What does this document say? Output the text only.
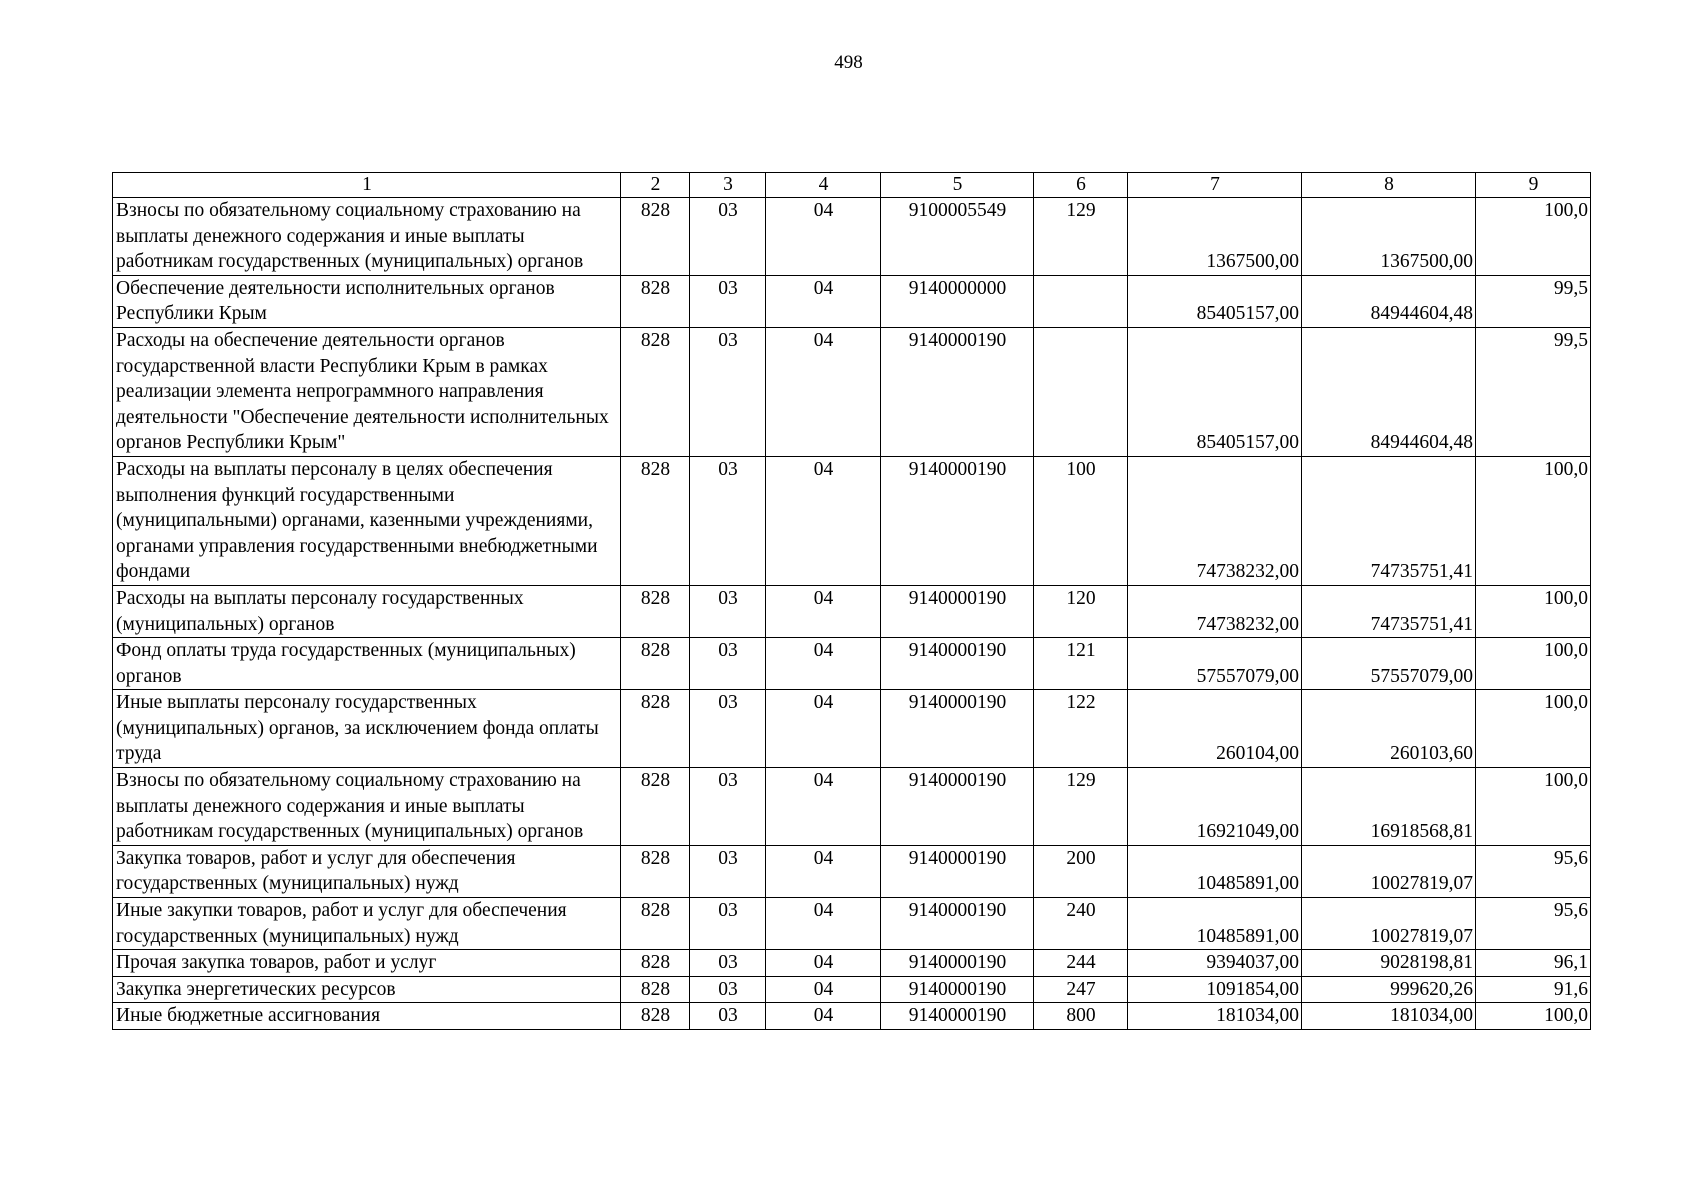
498
1	2	3	4	5	6	7	8	9
Взносы по обязательному социальному страхованию на выплаты денежного содержания и иные выплаты работникам государственных (муниципальных) органов	828	03	04	9100005549	129	1367500,00	1367500,00	100,0
Обеспечение деятельности исполнительных органов Республики Крым	828	03	04	9140000000		85405157,00	84944604,48	99,5
Расходы на обеспечение деятельности органов государственной власти Республики Крым в рамках реализации элемента непрограммного направления деятельности "Обеспечение деятельности исполнительных органов Республики Крым"	828	03	04	9140000190		85405157,00	84944604,48	99,5
Расходы на выплаты персоналу в целях обеспечения выполнения функций государственными (муниципальными) органами, казенными учреждениями, органами управления государственными внебюджетными фондами	828	03	04	9140000190	100	74738232,00	74735751,41	100,0
Расходы на выплаты персоналу государственных (муниципальных) органов	828	03	04	9140000190	120	74738232,00	74735751,41	100,0
Фонд оплаты труда государственных (муниципальных) органов	828	03	04	9140000190	121	57557079,00	57557079,00	100,0
Иные выплаты персоналу государственных (муниципальных) органов, за исключением фонда оплаты труда	828	03	04	9140000190	122	260104,00	260103,60	100,0
Взносы по обязательному социальному страхованию на выплаты денежного содержания и иные выплаты работникам государственных (муниципальных) органов	828	03	04	9140000190	129	16921049,00	16918568,81	100,0
Закупка товаров, работ и услуг для обеспечения государственных (муниципальных) нужд	828	03	04	9140000190	200	10485891,00	10027819,07	95,6
Иные закупки товаров, работ и услуг для обеспечения государственных (муниципальных) нужд	828	03	04	9140000190	240	10485891,00	10027819,07	95,6
Прочая закупка товаров, работ и услуг	828	03	04	9140000190	244	9394037,00	9028198,81	96,1
Закупка энергетических ресурсов	828	03	04	9140000190	247	1091854,00	999620,26	91,6
Иные бюджетные ассигнования	828	03	04	9140000190	800	181034,00	181034,00	100,0
